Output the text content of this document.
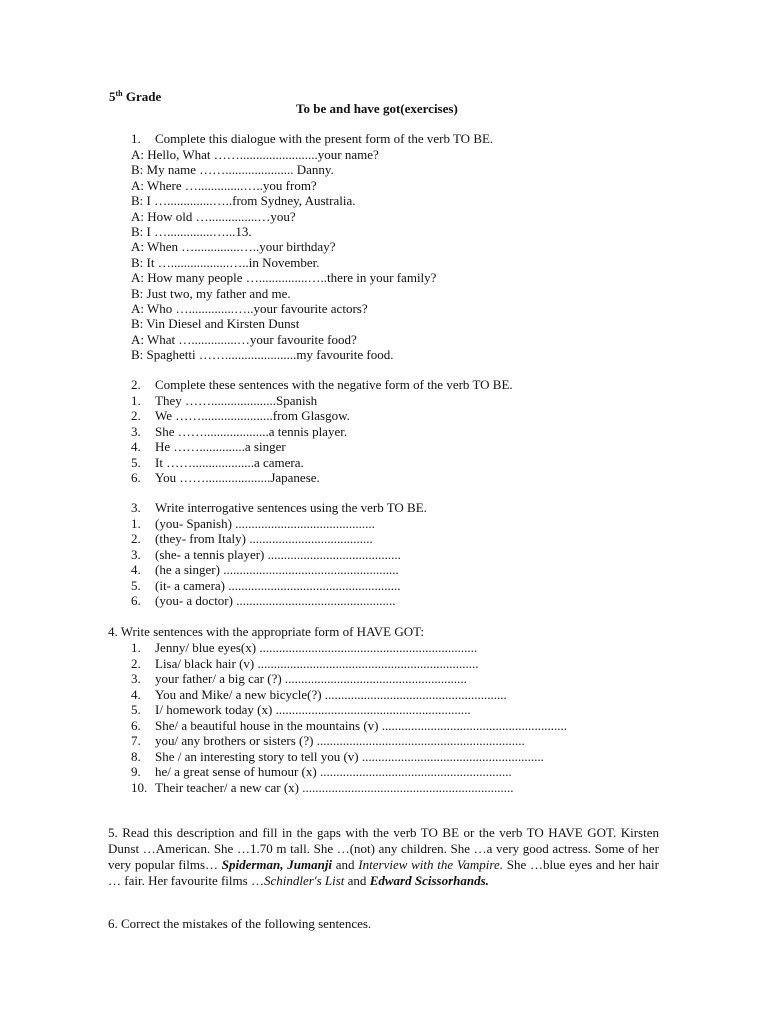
5th Grade
To be and have got(exercises)
1. Complete this dialogue with the present form of the verb TO BE.
A: Hello, What ……........................your name?
B: My name ……..................... Danny.
A: Where …..............…..you from?
B: I …..............…..from Sydney, Australia.
A: How old …...............…you?
B: I …..............…...13.
A: When …..............…..your birthday?
B: It …..................…..in November.
A: How many people …...............…..there in your family?
B: Just two, my father and me.
A: Who …..............…..your favourite actors?
B: Vin Diesel and Kirsten Dunst
A: What …..............…your favourite food?
B: Spaghetti ……......................my favourite food.
2. Complete these sentences with the negative form of the verb TO BE.
1. They ……....................Spanish
2. We ……......................from Glasgow.
3. She ……....................a tennis player.
4. He ……..............a singer
5. It ……...................a camera.
6. You ……....................Japanese.
3. Write interrogative sentences using the verb TO BE.
1. (you- Spanish) ...........................................
2. (they- from Italy) ......................................
3. (she- a tennis player) .........................................
4. (he a singer) ......................................................
5. (it- a camera) .....................................................
6. (you- a doctor) .................................................
4. Write sentences with the appropriate form of HAVE GOT:
1. Jenny/ blue eyes(x) ...................................................................
2. Lisa/ black hair (v) ....................................................................
3. your father/ a big car (?) ........................................................
4. You and Mike/ a new bicycle(?) ........................................................
5. I/ homework today (x) ............................................................
6. She/ a beautiful house in the mountains (v) .........................................................
7. you/ any brothers or sisters (?) ................................................................
8. She / an interesting story to tell you (v) ........................................................
9. he/ a great sense of humour (x) ...........................................................
10. Their teacher/ a new car (x) .................................................................
5. Read this description and fill in the gaps with the verb TO BE or the verb TO HAVE GOT. Kirsten Dunst …American. She …1.70 m tall. She …(not) any children. She …a very good actress. Some of her very popular films… Spiderman, Jumanji and Interview with the Vampire. She …blue eyes and her hair … fair. Her favourite films …Schindler's List and Edward Scissorhands.
6. Correct the mistakes of the following sentences.
